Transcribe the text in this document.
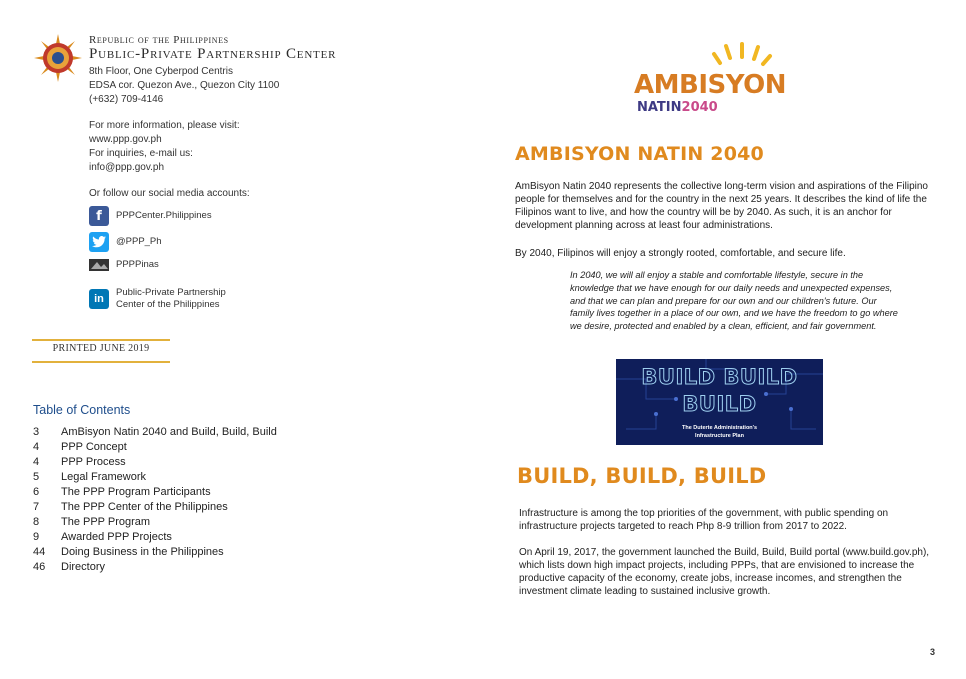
Republic of the Philippines
Public-Private Partnership Center
8th Floor, One Cyberpod Centris
EDSA cor. Quezon Ave., Quezon City 1100
(+632) 709-4146
For more information, please visit:
www.ppp.gov.ph
For inquiries, e-mail us:
info@ppp.gov.ph
Or follow our social media accounts:
f	PPPCenter.Philippines
@PPP_Ph
PPPPinas
in
Public-Private Partnership
Center of the Philippines
PRINTED JUNE 2019
Table of Contents
3	AmBisyon Natin 2040 and Build, Build, Build
4	PPP Concept
4	PPP Process
5	Legal Framework
6	The PPP Program Participants
7	The PPP Center of the Philippines
8	The PPP Program
9	Awarded PPP Projects
44	Doing Business in the Philippines
46	Directory
AMBISYON
NATIN2040
AMBISYON NATIN 2040
AmBisyon Natin 2040 represents the collective long-term vision and aspirations of the Filipino people for themselves and for the country in the next 25 years. It describes the kind of life the Filipinos want to live, and how the country will be by 2040. As such, it is an anchor for development planning across at least four administrations.
By 2040, Filipinos will enjoy a strongly rooted, comfortable, and secure life.
In 2040, we will all enjoy a stable and comfortable lifestyle, secure in the knowledge that we have enough for our daily needs and unexpected expenses, and that we can plan and prepare for our own and our children's future. Our family lives together in a place of our own, and we have the freedom to go where we desire, protected and enabled by a clean, efficient, and fair government.
BUILD BUILD
BUILD
The Duterte Administration's
Infrastructure Plan
BUILD, BUILD, BUILD
Infrastructure is among the top priorities of the government, with public spending on infrastructure projects targeted to reach Php 8-9 trillion from 2017 to 2022.
On April 19, 2017, the government launched the Build, Build, Build portal (www.build.gov.ph), which lists down high impact projects, including PPPs, that are envisioned to increase the productive capacity of the economy, create jobs, increase incomes, and strengthen the investment climate leading to sustained inclusive growth.
3
